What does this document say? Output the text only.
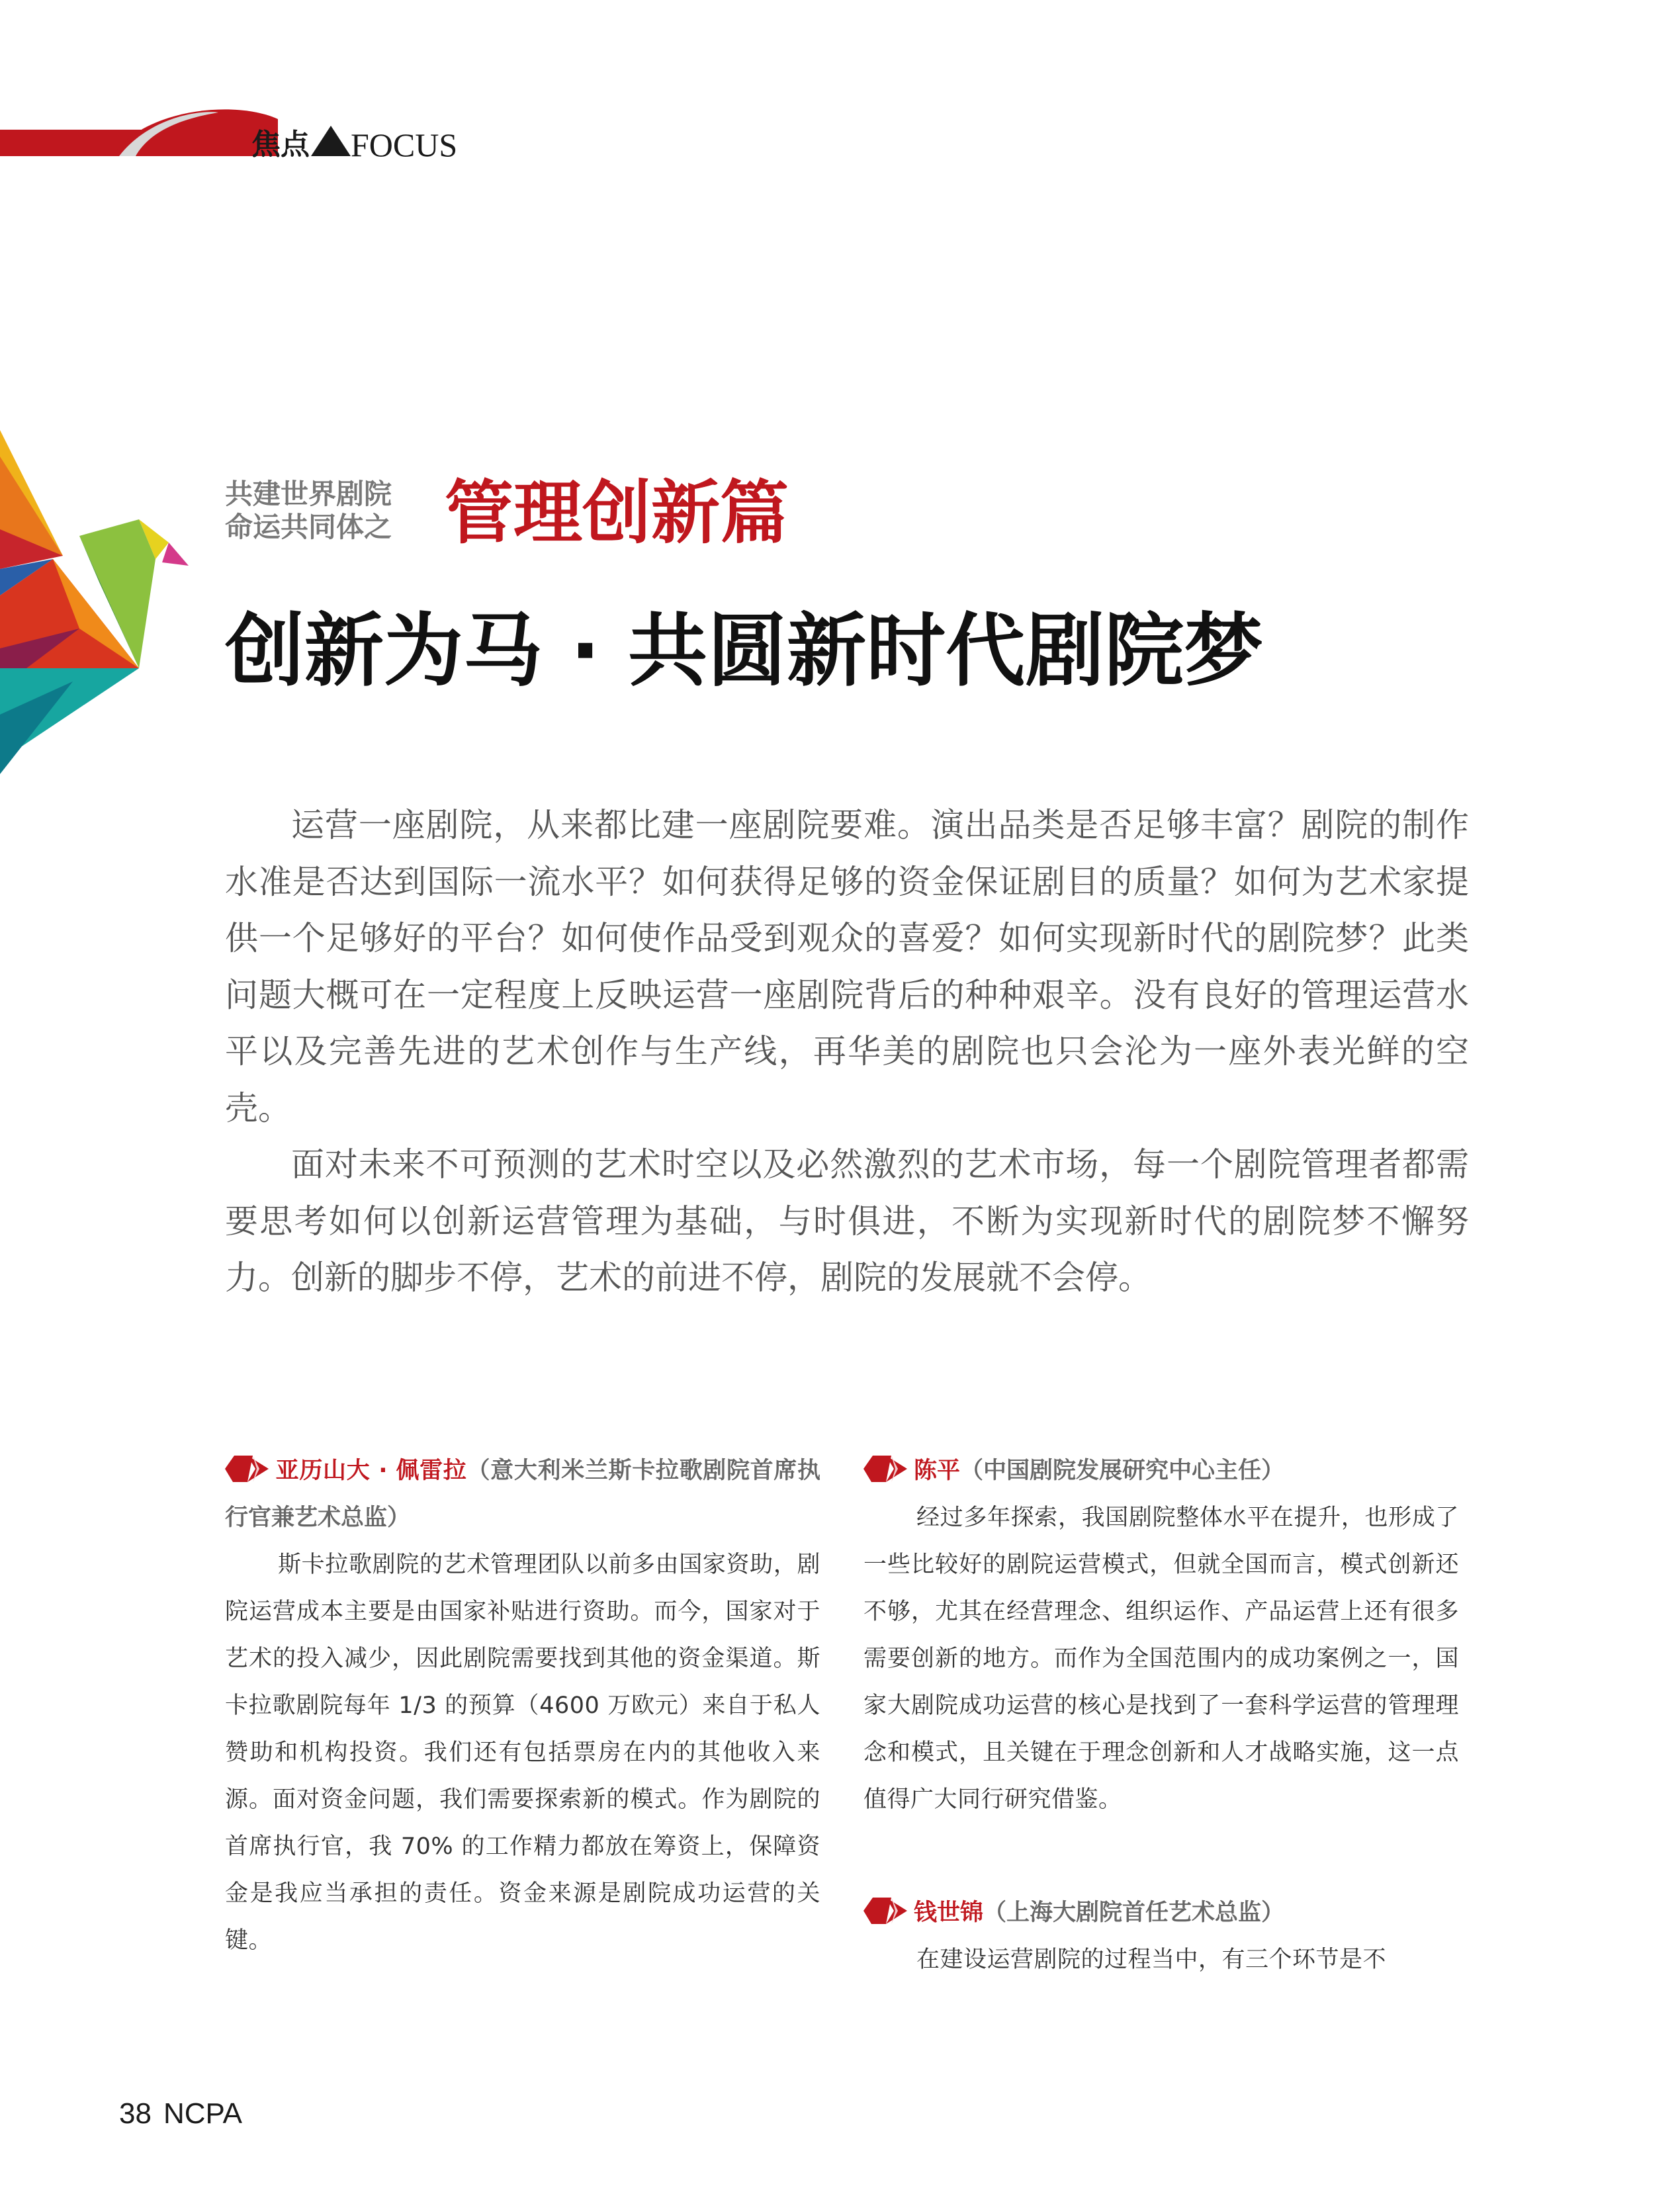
焦点 FOCUS
共建世界剧院
命运共同体之 管理创新篇
创新为马 · 共圆新时代剧院梦

运营一座剧院，从来都比建一座剧院要难。演出品类是否足够丰富？剧院的制作水准是否达到国际一流水平？如何获得足够的资金保证剧目的质量？如何为艺术家提供一个足够好的平台？如何使作品受到观众的喜爱？如何实现新时代的剧院梦？此类问题大概可在一定程度上反映运营一座剧院背后的种种艰辛。没有良好的管理运营水平以及完善先进的艺术创作与生产线，再华美的剧院也只会沦为一座外表光鲜的空壳。

面对未来不可预测的艺术时空以及必然激烈的艺术市场，每一个剧院管理者都需要思考如何以创新运营管理为基础，与时俱进，不断为实现新时代的剧院梦不懈努力。创新的脚步不停，艺术的前进不停，剧院的发展就不会停。

亚历山大 · 佩雷拉（意大利米兰斯卡拉歌剧院首席执行官兼艺术总监）

斯卡拉歌剧院的艺术管理团队以前多由国家资助，剧院运营成本主要是由国家补贴进行资助。而今，国家对于艺术的投入减少，因此剧院需要找到其他的资金渠道。斯卡拉歌剧院每年 1/3 的预算（4600 万欧元）来自于私人赞助和机构投资。我们还有包括票房在内的其他收入来源。面对资金问题，我们需要探索新的模式。作为剧院的首席执行官，我 70% 的工作精力都放在筹资上，保障资金是我应当承担的责任。资金来源是剧院成功运营的关键。

陈平（中国剧院发展研究中心主任）

经过多年探索，我国剧院整体水平在提升，也形成了一些比较好的剧院运营模式，但就全国而言，模式创新还不够，尤其在经营理念、组织运作、产品运营上还有很多需要创新的地方。而作为全国范围内的成功案例之一，国家大剧院成功运营的核心是找到了一套科学运营的管理理念和模式，且关键在于理念创新和人才战略实施，这一点值得广大同行研究借鉴。

钱世锦（上海大剧院首任艺术总监）

在建设运营剧院的过程当中，有三个环节是不

38 NCPA
